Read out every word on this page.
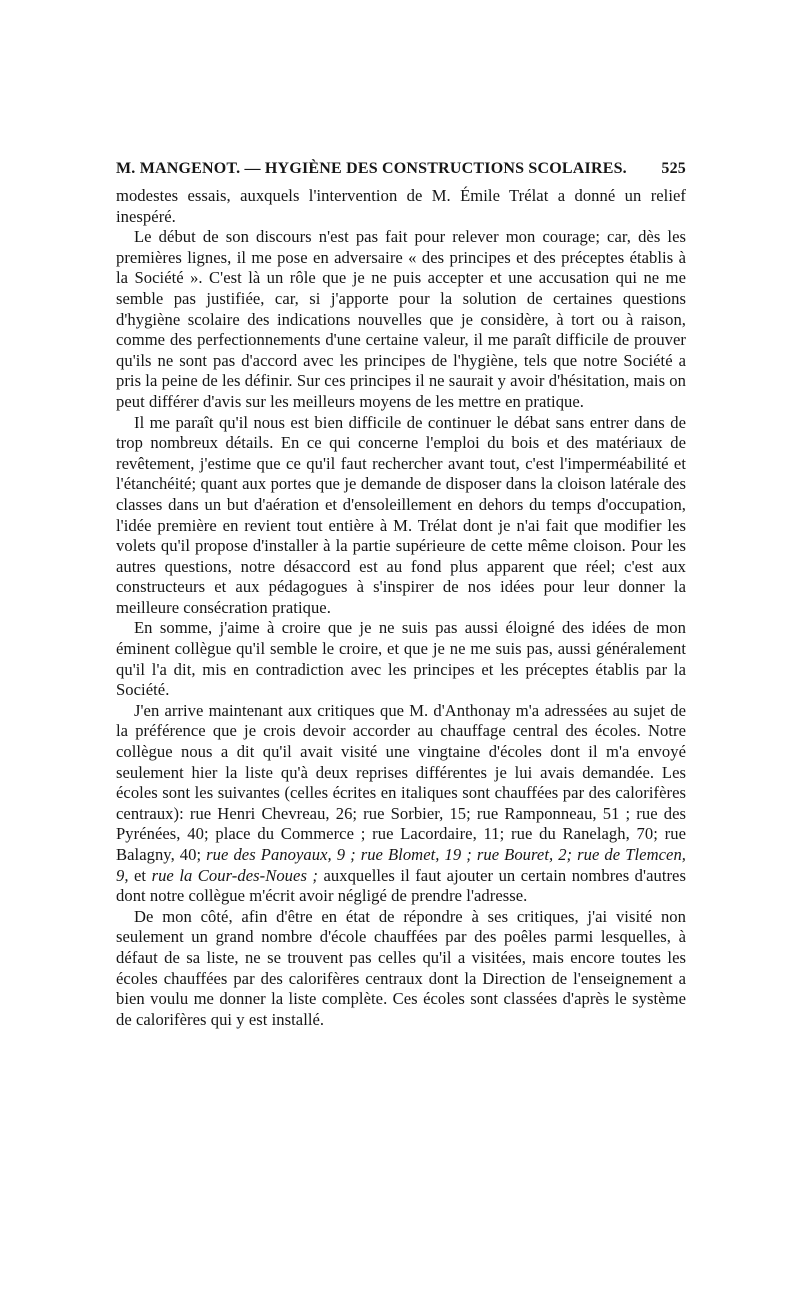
M. MANGENOT. — HYGIÈNE DES CONSTRUCTIONS SCOLAIRES. 525

modestes essais, auxquels l'intervention de M. Émile Trélat a donné un relief inespéré.

Le début de son discours n'est pas fait pour relever mon courage; car, dès les premières lignes, il me pose en adversaire « des principes et des préceptes établis à la Société ». C'est là un rôle que je ne puis accepter et une accusation qui ne me semble pas justifiée, car, si j'apporte pour la solution de certaines questions d'hygiène scolaire des indications nouvelles que je considère, à tort ou à raison, comme des perfectionnements d'une certaine valeur, il me paraît difficile de prouver qu'ils ne sont pas d'accord avec les principes de l'hygiène, tels que notre Société a pris la peine de les définir. Sur ces principes il ne saurait y avoir d'hésitation, mais on peut différer d'avis sur les meilleurs moyens de les mettre en pratique.

Il me paraît qu'il nous est bien difficile de continuer le débat sans entrer dans de trop nombreux détails. En ce qui concerne l'emploi du bois et des matériaux de revêtement, j'estime que ce qu'il faut rechercher avant tout, c'est l'imperméabilité et l'étanchéité; quant aux portes que je demande de disposer dans la cloison latérale des classes dans un but d'aération et d'ensoleillement en dehors du temps d'occupation, l'idée première en revient tout entière à M. Trélat dont je n'ai fait que modifier les volets qu'il propose d'installer à la partie supérieure de cette même cloison. Pour les autres questions, notre désaccord est au fond plus apparent que réel; c'est aux constructeurs et aux pédagogues à s'inspirer de nos idées pour leur donner la meilleure consécration pratique.

En somme, j'aime à croire que je ne suis pas aussi éloigné des idées de mon éminent collègue qu'il semble le croire, et que je ne me suis pas, aussi généralement qu'il l'a dit, mis en contradiction avec les principes et les préceptes établis par la Société.

J'en arrive maintenant aux critiques que M. d'Anthonay m'a adressées au sujet de la préférence que je crois devoir accorder au chauffage central des écoles. Notre collègue nous a dit qu'il avait visité une vingtaine d'écoles dont il m'a envoyé seulement hier la liste qu'à deux reprises différentes je lui avais demandée. Les écoles sont les suivantes (celles écrites en italiques sont chauffées par des calorifères centraux): rue Henri Chevreau, 26; rue Sorbier, 15; rue Ramponneau, 51 ; rue des Pyrénées, 40; place du Commerce ; rue Lacordaire, 11; rue du Ranelagh, 70; rue Balagny, 40; rue des Panoyaux, 9 ; rue Blomet, 19 ; rue Bouret, 2; rue de Tlemcen, 9, et rue la Cour-des-Noues ; auxquelles il faut ajouter un certain nombres d'autres dont notre collègue m'écrit avoir négligé de prendre l'adresse.

De mon côté, afin d'être en état de répondre à ses critiques, j'ai visité non seulement un grand nombre d'école chauffées par des poêles parmi lesquelles, à défaut de sa liste, ne se trouvent pas celles qu'il a visitées, mais encore toutes les écoles chauffées par des calorifères centraux dont la Direction de l'enseignement a bien voulu me donner la liste complète. Ces écoles sont classées d'après le système de calorifères qui y est installé.
